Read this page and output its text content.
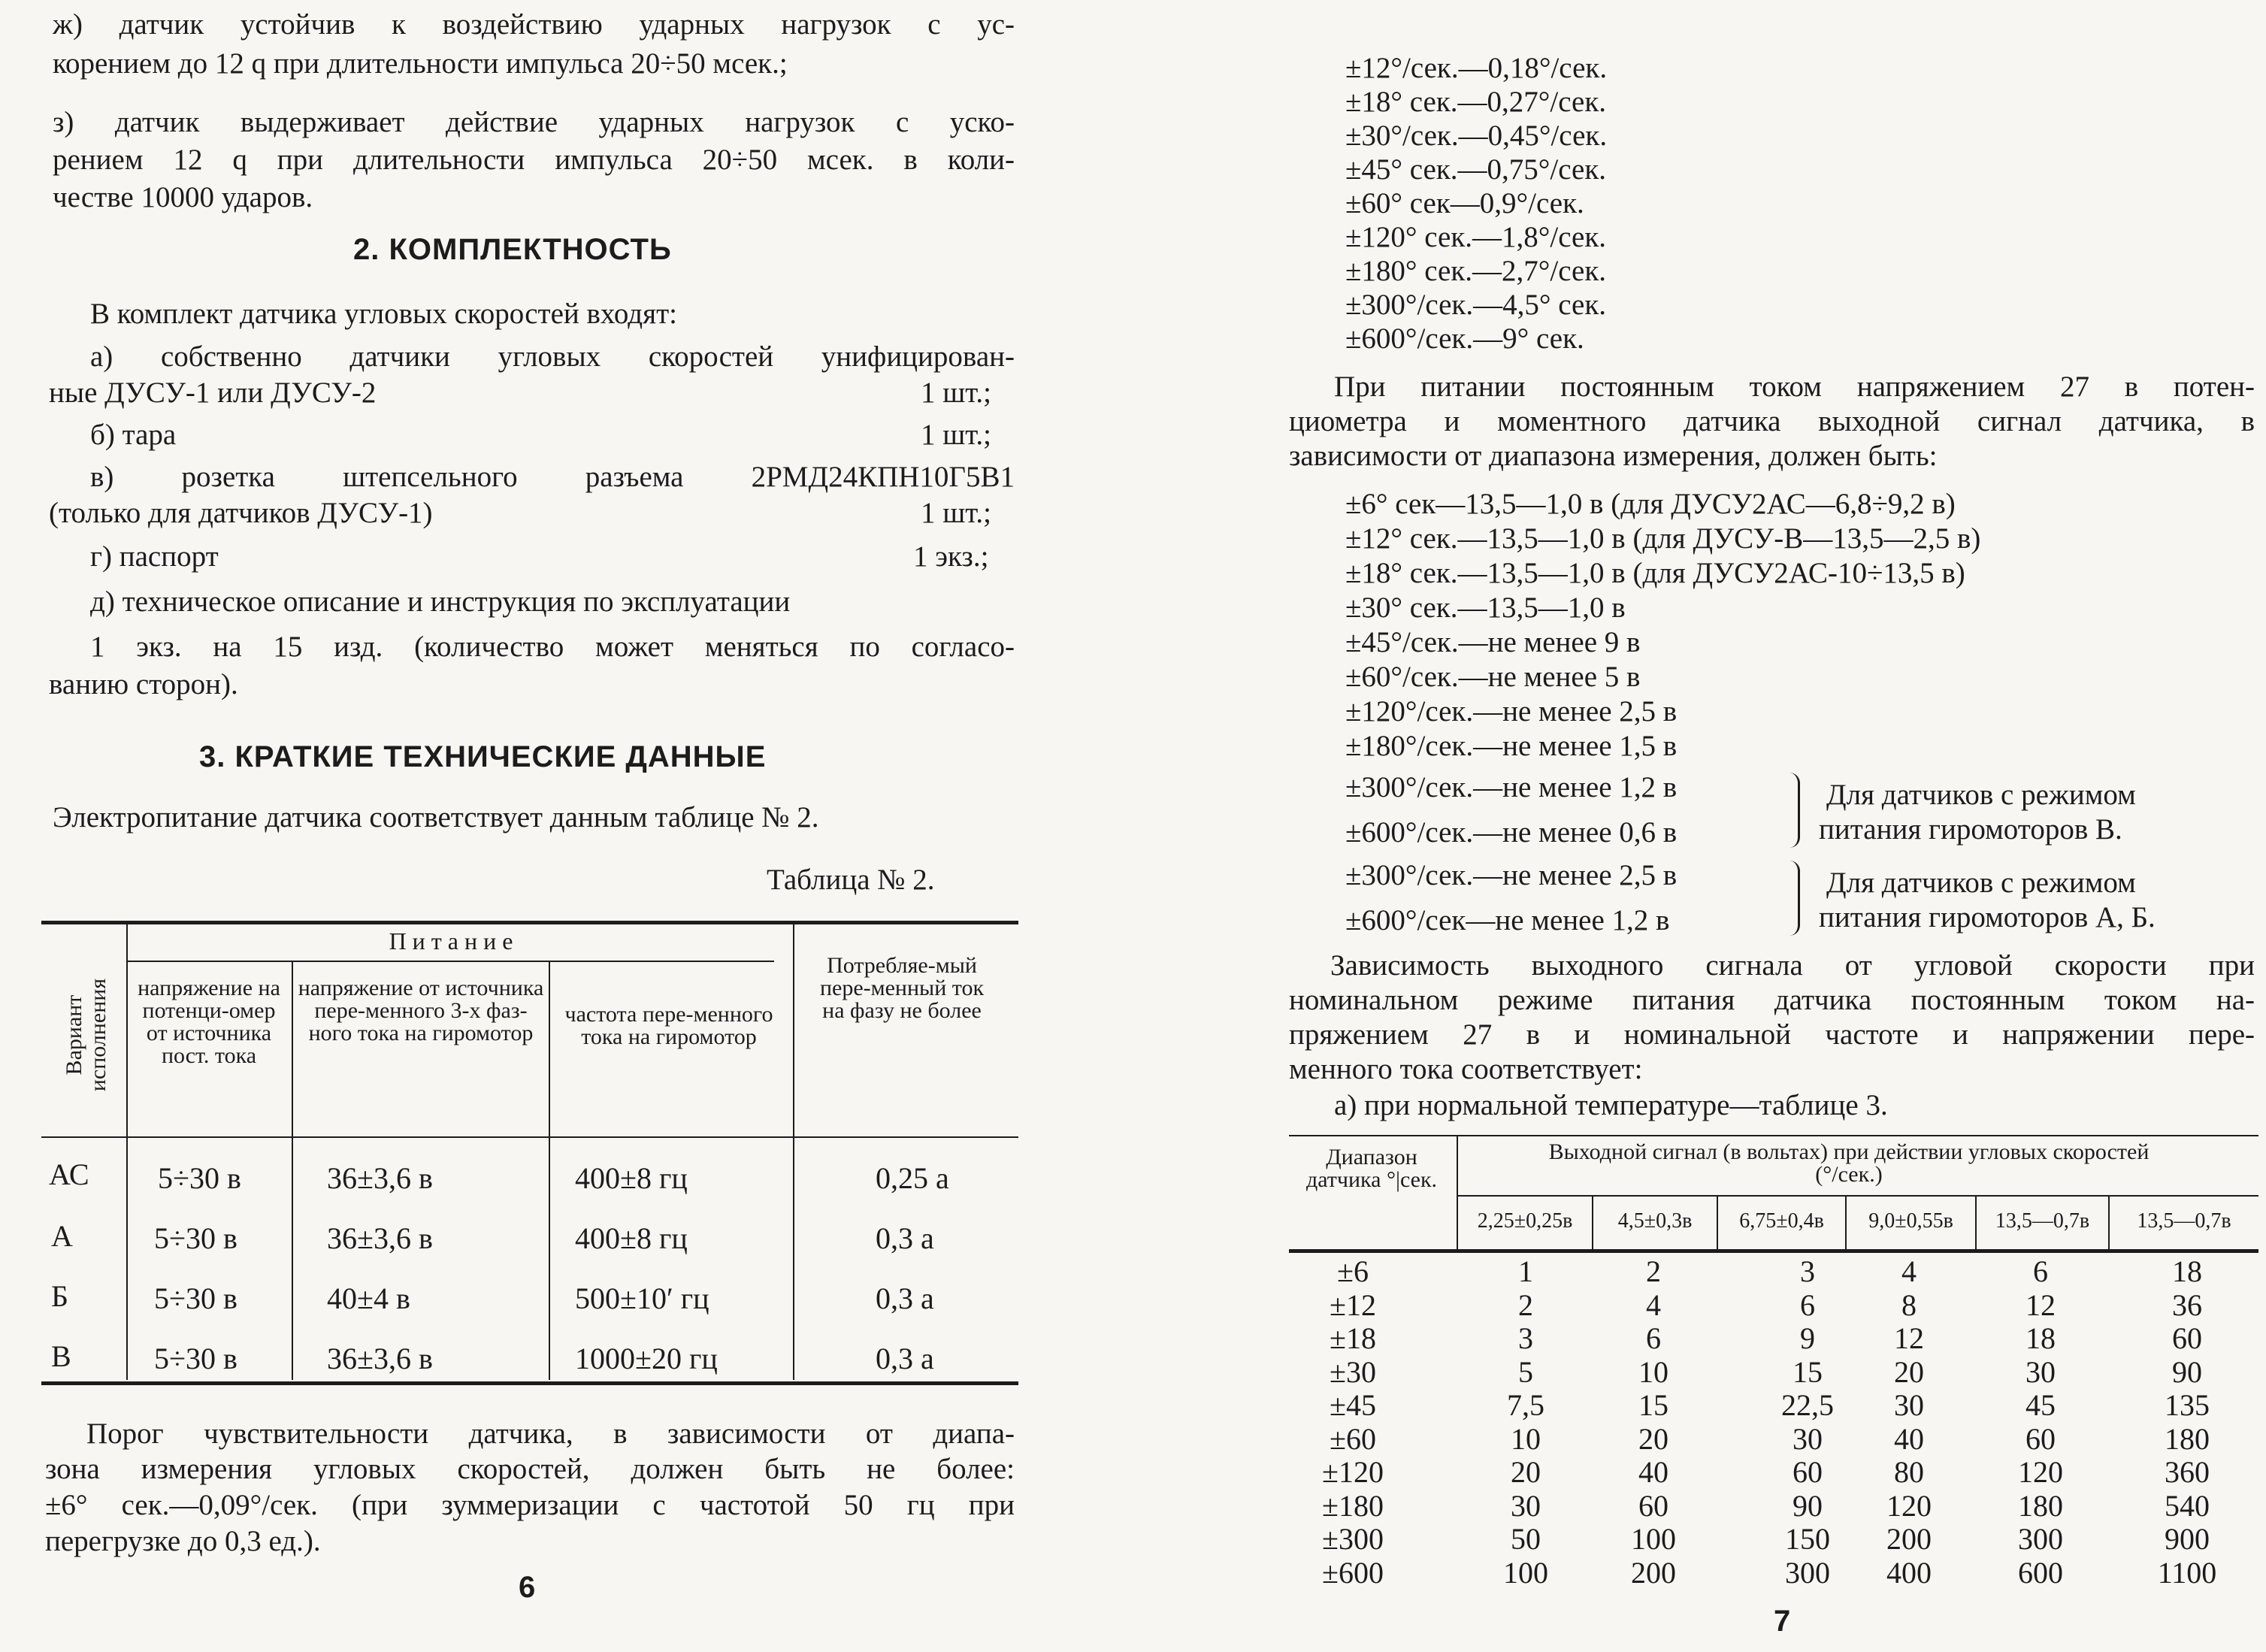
ж) датчик устойчив к воздействию ударных нагрузок с ус-
корением до 12 q при длительности импульса 20÷50 мсек.;
з) датчик выдерживает действие ударных нагрузок с уско-
рением 12 q при длительности импульса 20÷50 мсек. в коли-
честве 10000 ударов.
2. КОМПЛЕКТНОСТЬ
В комплект датчика угловых скоростей входят:
а) собственно датчики угловых скоростей унифицирован-
ные ДУСУ-1 или ДУСУ-2	1 шт.;
б) тара	1 шт.;
в) розетка штепсельного разъема 2РМД24КПН10Г5В1
(только для датчиков ДУСУ-1)	1 шт.;
г) паспорт	1 экз.;
д) техническое описание и инструкция по эксплуатации
1 экз. на 15 изд. (количество может меняться по согласо-
ванию сторон).
3. КРАТКИЕ ТЕХНИЧЕСКИЕ ДАННЫЕ
Электропитание датчика соответствует данным таблице № 2.
Таблица № 2.
Вариант
исполнения
П и т а н и е
напряжение на потенци-омер от источника пост. тока
напряжение от источника пере-менного 3-х фаз-ного тока на гиромотор
частота пере-менного тока на гиромотор
Потребляе-мый пере-менный ток на фазу не более
АС 5÷30 в	36±3,6 в	400±8 гц	0,25 а
А	5÷30 в	36±3,6 в	400±8 гц	0,3 а
Б	5÷30 в	40±4 в	500±10′ гц	0,3 а
В	5÷30 в	36±3,6 в	1000±20 гц	0,3 а
Порог чувствительности датчика, в зависимости от диапа-
зона измерения угловых скоростей, должен быть не более:
±6° сек.—0,09°/сек. (при зуммеризации с частотой 50 гц при
перегрузке до 0,3 ед.).
6
±12°/сек.—0,18°/сек.
±18° сек.—0,27°/сек.
±30°/сек.—0,45°/сек.
±45° сек.—0,75°/сек.
±60° сек—0,9°/сек.
±120° сек.—1,8°/сек.
±180° сек.—2,7°/сек.
±300°/сек.—4,5° сек.
±600°/сек.—9° сек.
При питании постоянным током напряжением 27 в потен-
циометра и моментного датчика выходной сигнал датчика, в
зависимости от диапазона измерения, должен быть:
±6° сек—13,5—1,0 в (для ДУСУ2АС—6,8÷9,2 в)
±12° сек.—13,5—1,0 в (для ДУСУ-В—13,5—2,5 в)
±18° сек.—13,5—1,0 в (для ДУСУ2АС-10÷13,5 в)
±30° сек.—13,5—1,0 в
±45°/сек.—не менее 9 в
±60°/сек.—не менее 5 в
±120°/сек.—не менее 2,5 в
±180°/сек.—не менее 1,5 в
±300°/сек.—не менее 1,2 в
±600°/сек.—не менее 0,6 в
Для датчиков с режимом
питания гиромоторов В.
±300°/сек.—не менее 2,5 в
±600°/сек—не менее 1,2 в
Для датчиков с режимом
питания гиромоторов А, Б.
Зависимость выходного сигнала от угловой скорости при
номинальном режиме питания датчика постоянным током на-
пряжением 27 в и номинальной частоте и напряжении пере-
менного тока соответствует:
а) при нормальной температуре—таблице 3.
Диапазон датчика °|сек.
Выходной сигнал (в вольтах) при действии угловых скоростей (°/сек.)
2,25±0,25в	4,5±0,3в	6,75±0,4в	9,0±0,55в	13,5—0,7в	13,5—0,7в
±6	1	2	3	4	6	18
±12	2	4	6	8	12	36
±18	3	6	9	12	18	60
±30	5	10	15	20	30	90
±45	7,5	15	22,5	30	45	135
±60	10	20	30	40	60	180
±120	20	40	60	80	120	360
±180	30	60	90	120	180	540
±300	50	100	150	200	300	900
±600	100	200	300	400	600	1100
7
